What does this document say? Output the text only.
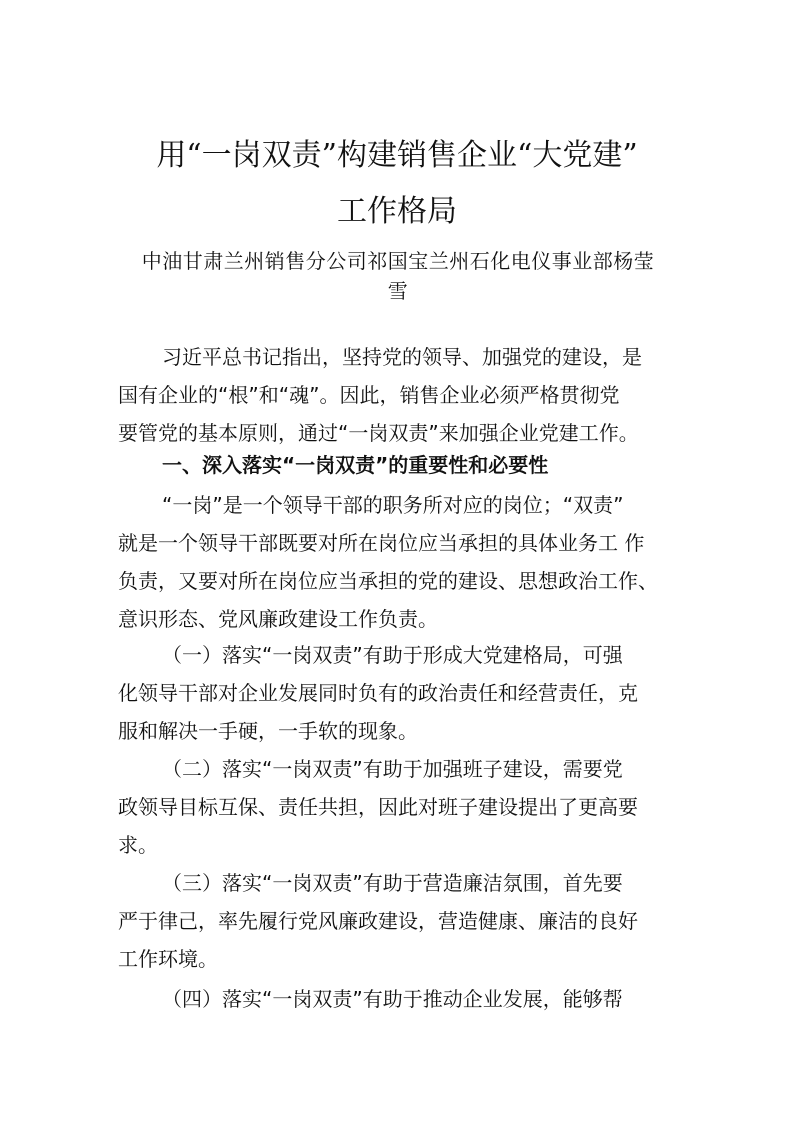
用“一岗双责”构建销售企业“大党建”
工作格局
中油甘肃兰州销售分公司祁国宝兰州石化电仪事业部杨莹
雪
习近平总书记指出，坚持党的领导、加强党的建设，是
国有企业的“根”和“魂”。因此，销售企业必须严格贯彻党
要管党的基本原则，通过“一岗双责”来加强企业党建工作。
一、深入落实“一岗双责”的重要性和必要性
“一岗”是一个领导干部的职务所对应的岗位；“双责”
就是一个领导干部既要对所在岗位应当承担的具体业务工 作
负责，又要对所在岗位应当承担的党的建设、思想政治工作、
意识形态、党风廉政建设工作负责。
（一）落实“一岗双责”有助于形成大党建格局，可强
化领导干部对企业发展同时负有的政治责任和经营责任，克
服和解决一手硬，一手软的现象。
（二）落实“一岗双责”有助于加强班子建设，需要党
政领导目标互保、责任共担，因此对班子建设提出了更高要
求。
（三）落实“一岗双责”有助于营造廉洁氛围，首先要
严于律己，率先履行党风廉政建设，营造健康、廉洁的良好
工作环境。
（四）落实“一岗双责”有助于推动企业发展，能够帮
